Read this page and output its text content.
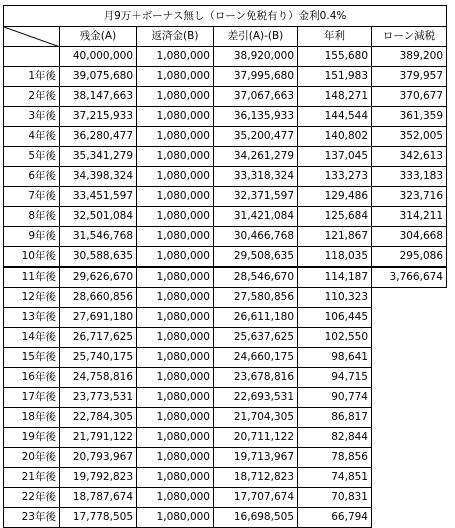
月9万＋ボーナス無し（ローン免税有り）金利0.4%					

	残金(A)	返済金(B)	差引(A)-(B)	年利	ローン減税
	40,000,000	1,080,000	38,920,000	155,680	389,200
1年後	39,075,680	1,080,000	37,995,680	151,983	379,957
2年後	38,147,663	1,080,000	37,067,663	148,271	370,677
3年後	37,215,933	1,080,000	36,135,933	144,544	361,359
4年後	36,280,477	1,080,000	35,200,477	140,802	352,005
5年後	35,341,279	1,080,000	34,261,279	137,045	342,613
6年後	34,398,324	1,080,000	33,318,324	133,273	333,183
7年後	33,451,597	1,080,000	32,371,597	129,486	323,716
8年後	32,501,084	1,080,000	31,421,084	125,684	314,211
9年後	31,546,768	1,080,000	30,466,768	121,867	304,668
10年後	30,588,635	1,080,000	29,508,635	118,035	295,086
11年後	29,626,670	1,080,000	28,546,670	114,187	3,766,674
12年後	28,660,856	1,080,000	27,580,856	110,323	
13年後	27,691,180	1,080,000	26,611,180	106,445	
14年後	26,717,625	1,080,000	25,637,625	102,550	
15年後	25,740,175	1,080,000	24,660,175	98,641	
16年後	24,758,816	1,080,000	23,678,816	94,715	
17年後	23,773,531	1,080,000	22,693,531	90,774	
18年後	22,784,305	1,080,000	21,704,305	86,817	
19年後	21,791,122	1,080,000	20,711,122	82,844	
20年後	20,793,967	1,080,000	19,713,967	78,856	
21年後	19,792,823	1,080,000	18,712,823	74,851	
22年後	18,787,674	1,080,000	17,707,674	70,831	
23年後	17,778,505	1,080,000	16,698,505	66,794	
